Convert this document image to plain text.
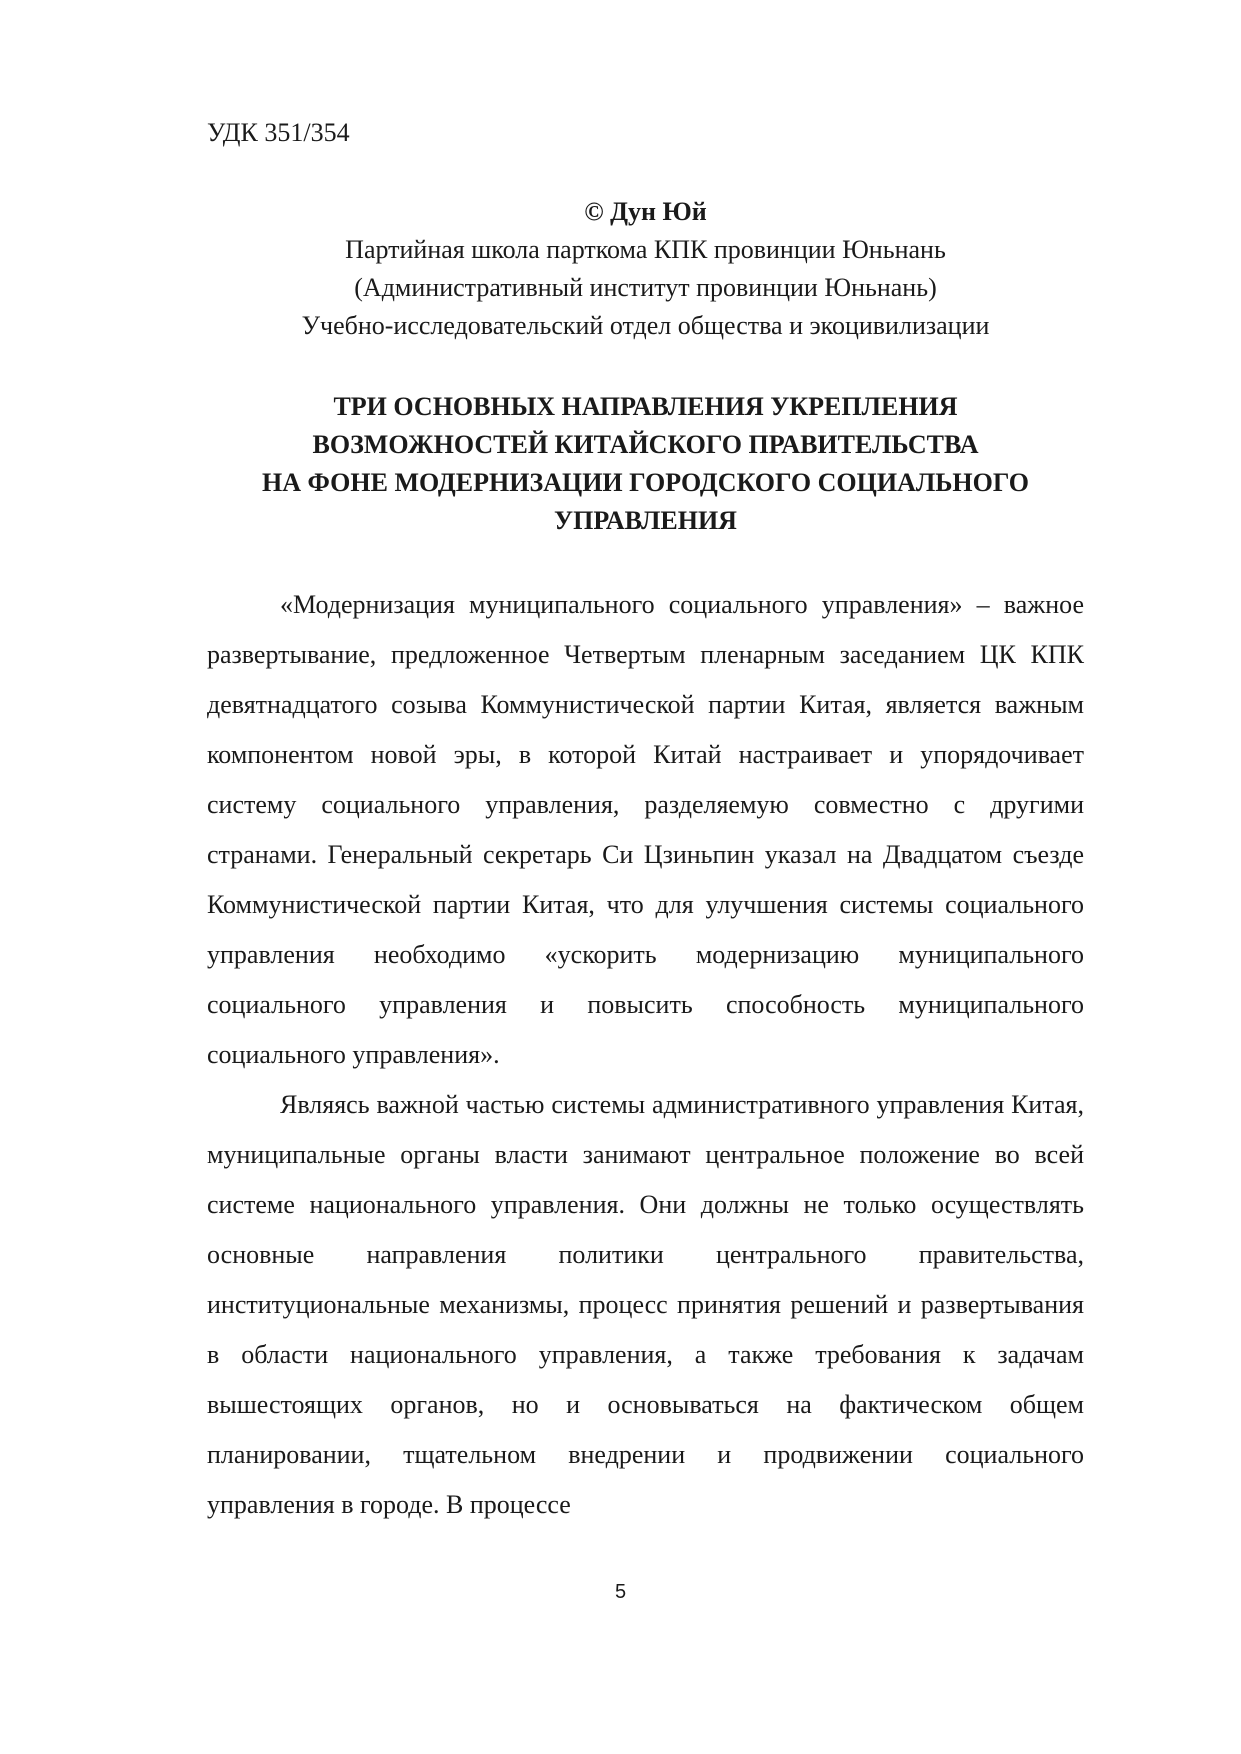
УДК 351/354
© Дун Юй
Партийная школа парткома КПК провинции Юньнань
(Административный институт провинции Юньнань)
Учебно-исследовательский отдел общества и экоцивилизации
ТРИ ОСНОВНЫХ НАПРАВЛЕНИЯ УКРЕПЛЕНИЯ
ВОЗМОЖНОСТЕЙ КИТАЙСКОГО ПРАВИТЕЛЬСТВА
НА ФОНЕ МОДЕРНИЗАЦИИ ГОРОДСКОГО СОЦИАЛЬНОГО
УПРАВЛЕНИЯ

«Модернизация муниципального социального управления» – важное развертывание, предложенное Четвертым пленарным заседанием ЦК КПК девятнадцатого созыва Коммунистической партии Китая, является важным компонентом новой эры, в которой Китай настраивает и упорядочивает систему социального управления, разделяемую совместно с другими странами. Генеральный секретарь Си Цзиньпин указал на Двадцатом съезде Коммунистической партии Китая, что для улучшения системы социального управления необходимо «ускорить модернизацию муниципального социального управления и повысить способность муниципального социального управления».

Являясь важной частью системы административного управления Китая, муниципальные органы власти занимают центральное положение во всей системе национального управления. Они должны не только осуществлять основные направления политики центрального правительства, институциональные механизмы, процесс принятия решений и развертывания в области национального управления, а также требования к задачам вышестоящих органов, но и основываться на фактическом общем планировании, тщательном внедрении и продвижении социального управления в городе. В процессе

5
